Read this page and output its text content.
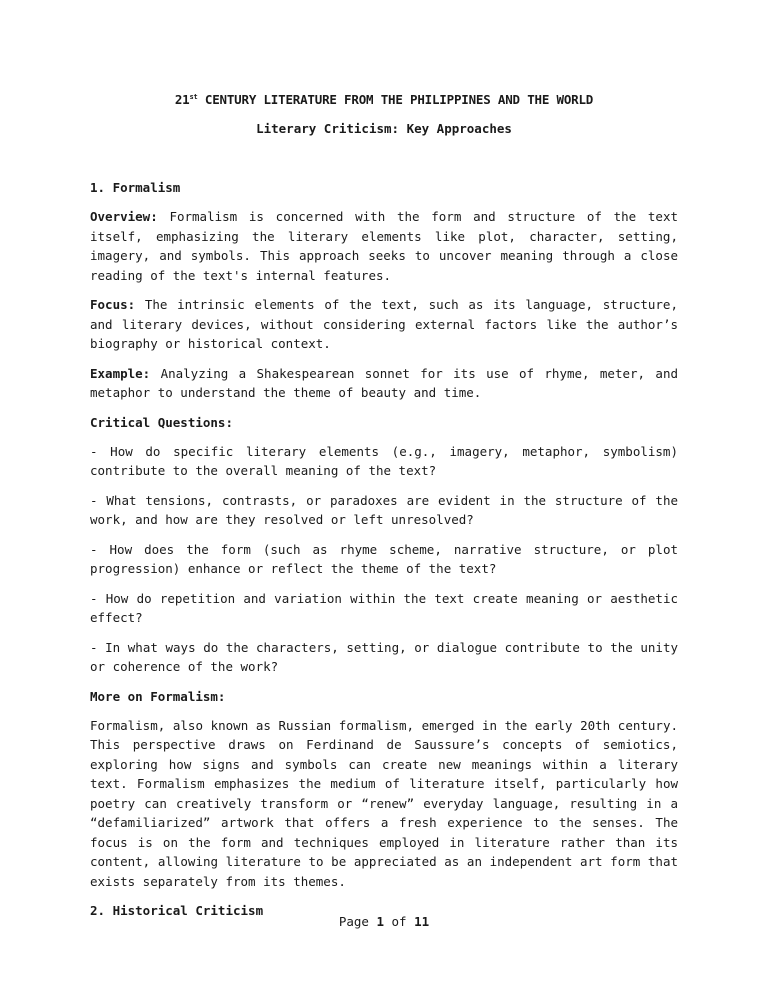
21st CENTURY LITERATURE FROM THE PHILIPPINES AND THE WORLD
Literary Criticism: Key Approaches
1. Formalism

Overview: Formalism is concerned with the form and structure of the text itself, emphasizing the literary elements like plot, character, setting, imagery, and symbols. This approach seeks to uncover meaning through a close reading of the text's internal features.

Focus: The intrinsic elements of the text, such as its language, structure, and literary devices, without considering external factors like the author’s biography or historical context.

Example: Analyzing a Shakespearean sonnet for its use of rhyme, meter, and metaphor to understand the theme of beauty and time.

Critical Questions:

- How do specific literary elements (e.g., imagery, metaphor, symbolism) contribute to the overall meaning of the text?

- What tensions, contrasts, or paradoxes are evident in the structure of the work, and how are they resolved or left unresolved?

- How does the form (such as rhyme scheme, narrative structure, or plot progression) enhance or reflect the theme of the text?

- How do repetition and variation within the text create meaning or aesthetic effect?

- In what ways do the characters, setting, or dialogue contribute to the unity or coherence of the work?

More on Formalism:

Formalism, also known as Russian formalism, emerged in the early 20th century. This perspective draws on Ferdinand de Saussure’s concepts of semiotics, exploring how signs and symbols can create new meanings within a literary text. Formalism emphasizes the medium of literature itself, particularly how poetry can creatively transform or “renew” everyday language, resulting in a “defamiliarized” artwork that offers a fresh experience to the senses. The focus is on the form and techniques employed in literature rather than its content, allowing literature to be appreciated as an independent art form that exists separately from its themes.

2. Historical Criticism
Page 1 of 11
